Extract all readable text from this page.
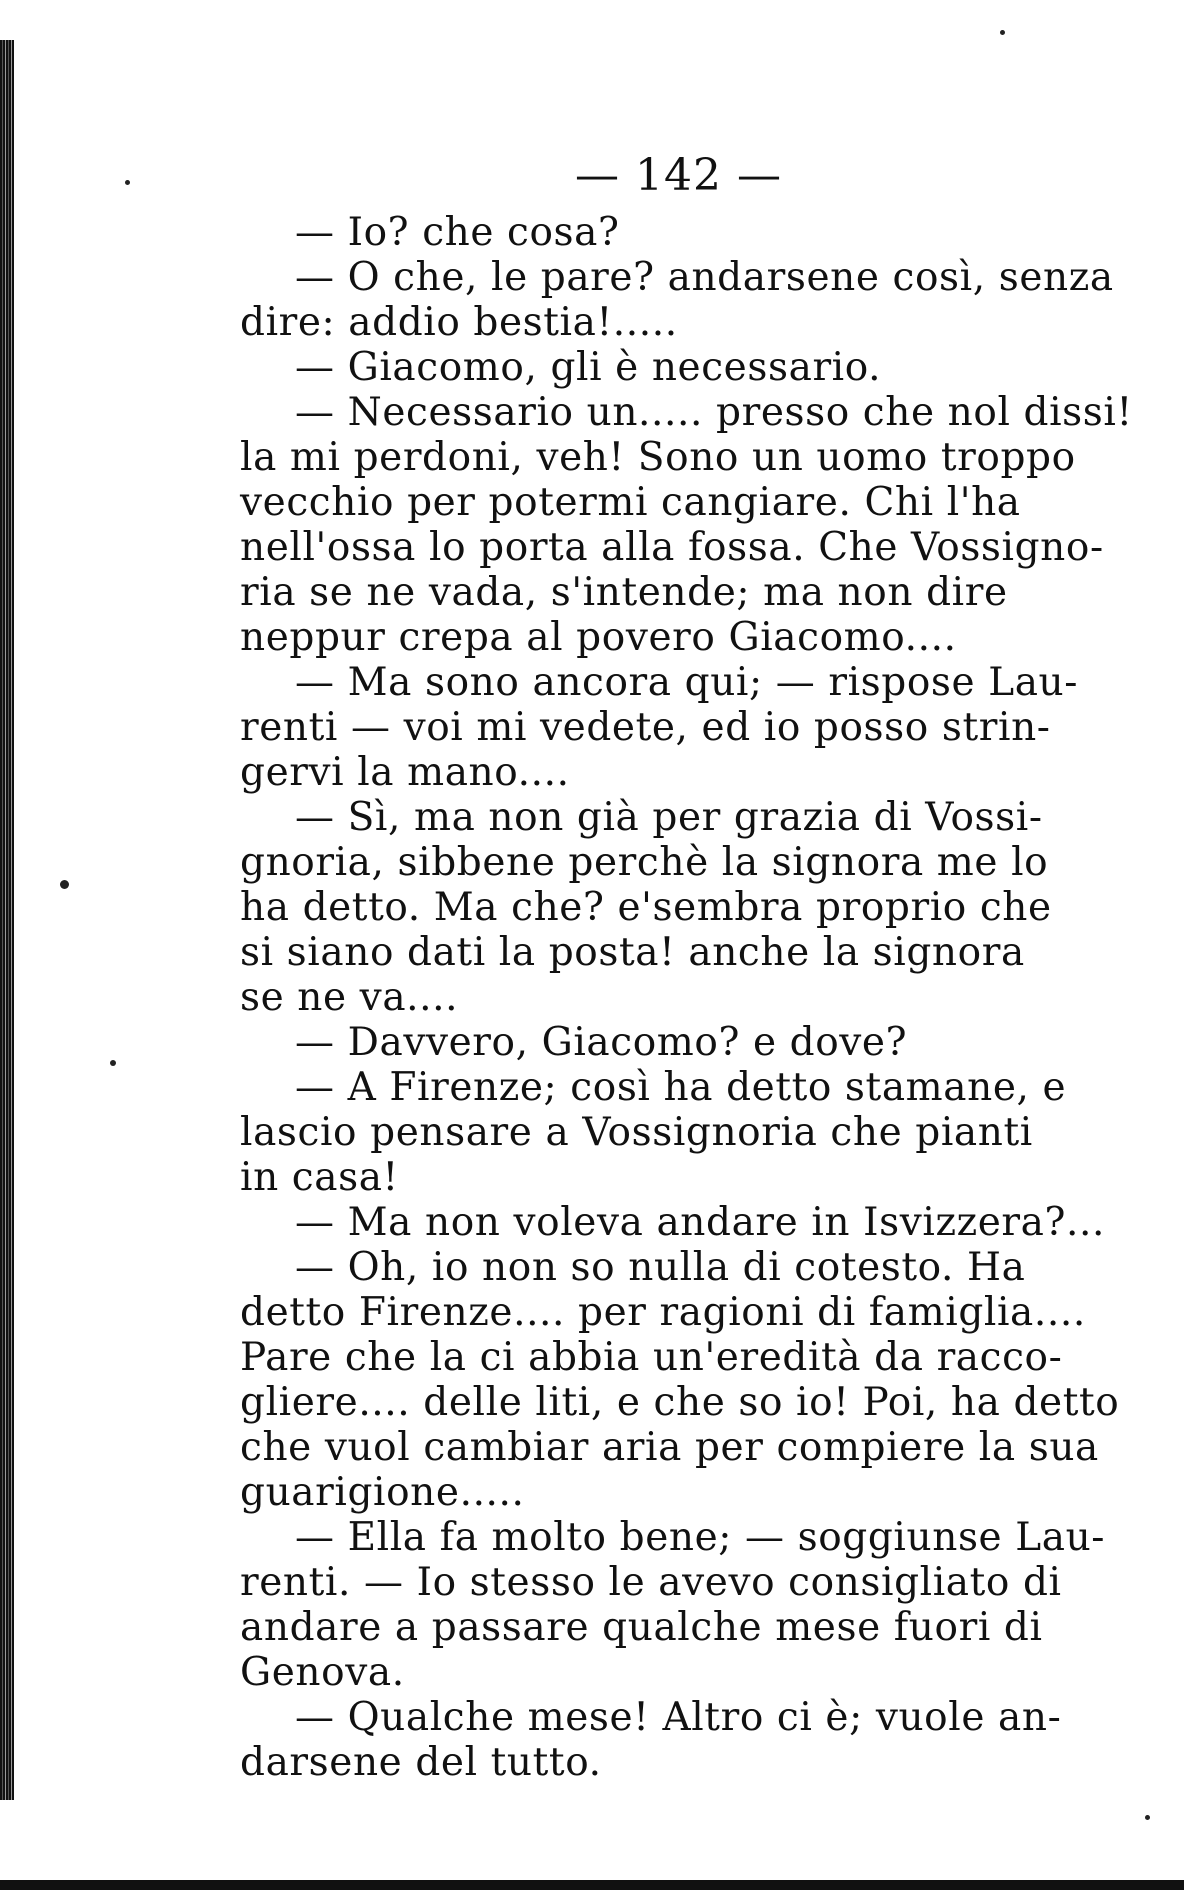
— 142 —
— Io? che cosa?
— O che, le pare? andarsene così, senza
dire: addio bestia!.....
— Giacomo, gli è necessario.
— Necessario un..... presso che nol dissi!
la mi perdoni, veh! Sono un uomo troppo
vecchio per potermi cangiare. Chi l'ha
nell'ossa lo porta alla fossa. Che Vossigno-
ria se ne vada, s'intende; ma non dire
neppur crepa al povero Giacomo....
— Ma sono ancora qui; — rispose Lau-
renti — voi mi vedete, ed io posso strin-
gervi la mano....
— Sì, ma non già per grazia di Vossi-
gnoria, sibbene perchè la signora me lo
ha detto. Ma che? e'sembra proprio che
si siano dati la posta! anche la signora
se ne va....
— Davvero, Giacomo? e dove?
— A Firenze; così ha detto stamane, e
lascio pensare a Vossignoria che pianti
in casa!
— Ma non voleva andare in Isvizzera?...
— Oh, io non so nulla di cotesto. Ha
detto Firenze.... per ragioni di famiglia....
Pare che la ci abbia un'eredità da racco-
gliere.... delle liti, e che so io! Poi, ha detto
che vuol cambiar aria per compiere la sua
guarigione.....
— Ella fa molto bene; — soggiunse Lau-
renti. — Io stesso le avevo consigliato di
andare a passare qualche mese fuori di
Genova.
— Qualche mese! Altro ci è; vuole an-
darsene del tutto.
